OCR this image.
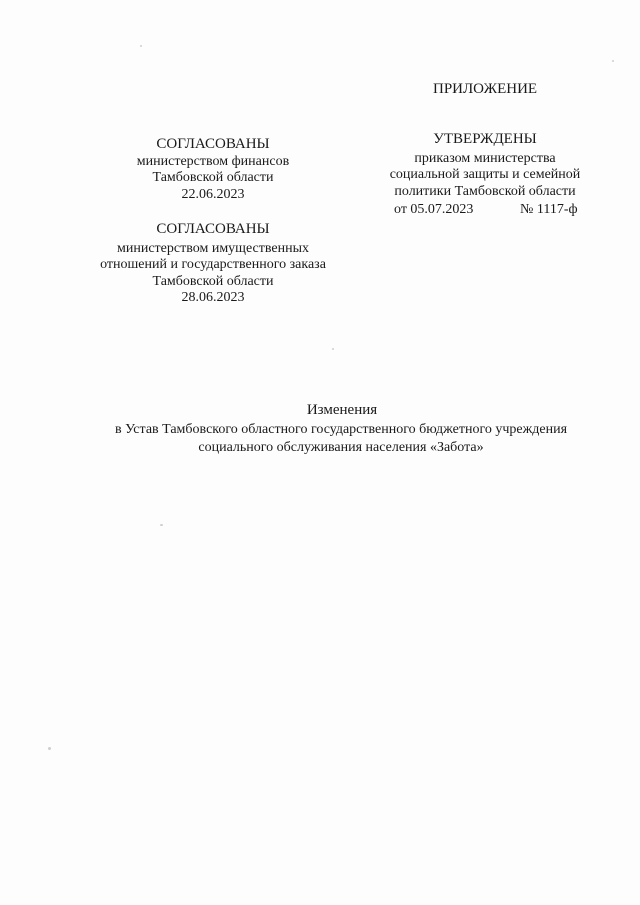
ПРИЛОЖЕНИЕ
УТВЕРЖДЕНЫ
приказом министерства
социальной защиты и семейной
политики Тамбовской области
от 05.07.2023	№ 1117-ф
СОГЛАСОВАНЫ
министерством финансов
Тамбовской области
22.06.2023
СОГЛАСОВАНЫ
министерством имущественных
отношений и государственного заказа
Тамбовской области
28.06.2023
Изменения
в Устав Тамбовского областного государственного бюджетного учреждения
социального обслуживания населения «Забота»
